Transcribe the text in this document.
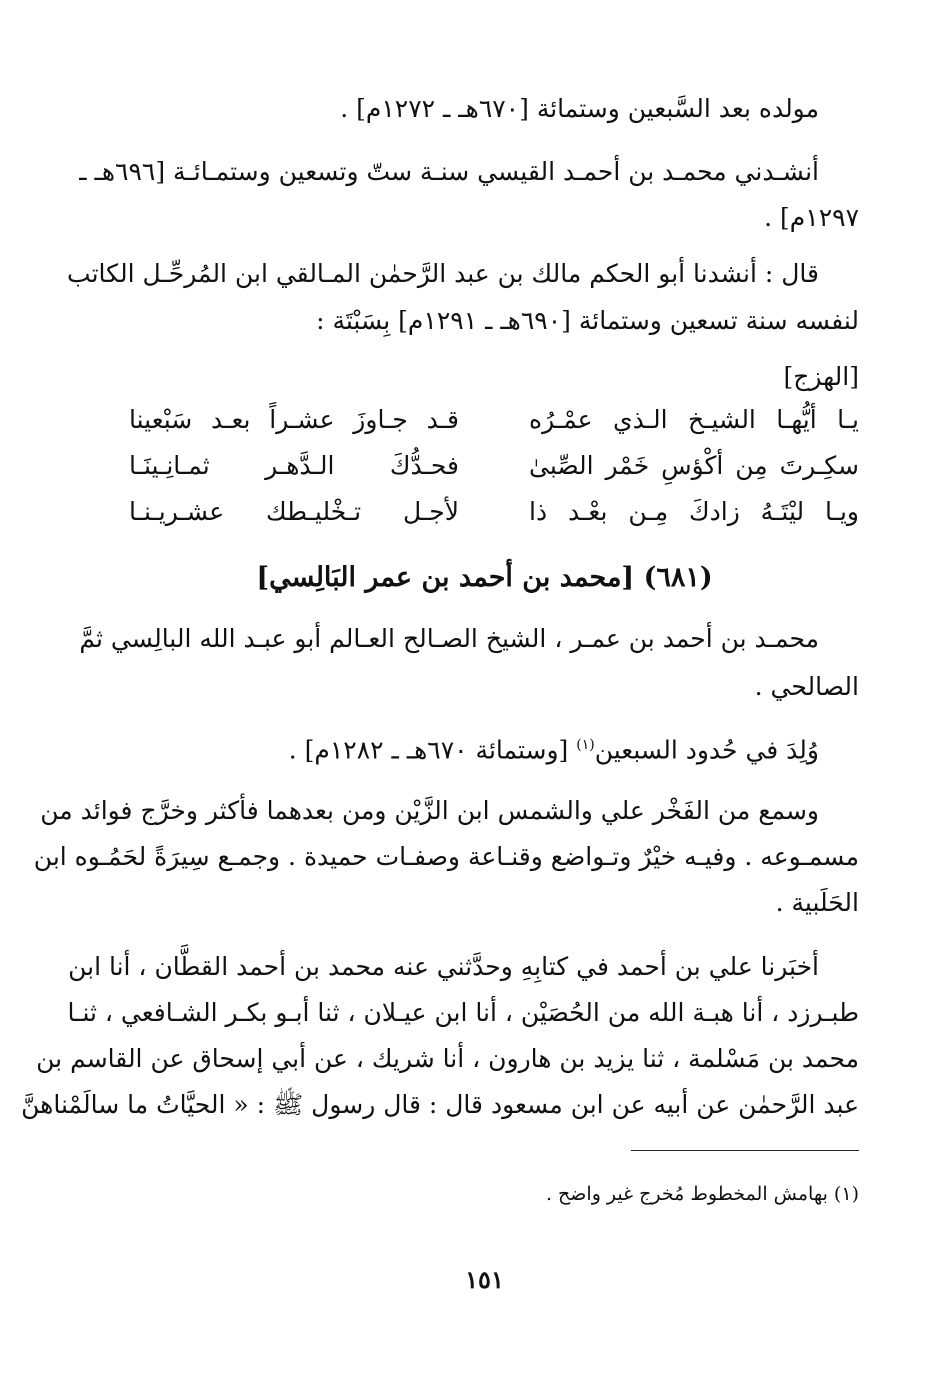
مولده بعد السَّبعين وستمائة [٦٧٠هـ ـ ١٢٧٢م] .
أنشـدني محمـد بن أحمـد القيسي سنـة ستّ وتسعين وستمـائـة [٦٩٦هـ ـ
١٢٩٧م] .
قال : أنشدنا أبو الحكم مالك بن عبد الرَّحمٰن المـالقي ابن المُرحِّـل الكاتب
لنفسه سنة تسعين وستمائة [٦٩٠هـ ـ ١٢٩١م] بِسَبْتَة :
[الهزج]
يـا أيُّهـا الشيـخ الـذي عمْـرُه
قـد جـاوزَ عشـراً بعـد سَبْعينا
سكِـرتَ مِن أكْؤسِ خَمْر الصِّبىٰ
فحـدُّكَ الـدَّهـر ثمـانِـينَـا
ويـا ليْتَـهُ زادكَ مِـن بعْـد ذا
لأجـل تـخْليـطك عشـريـنـا
(٦٨١) [محمد بن أحمد بن عمر البَالِسي]
محمـد بن أحمد بن عمـر ، الشيخ الصـالح العـالم أبو عبـد الله البالِسي ثمَّ
الصالحي .
وُلِدَ في حُدود السبعين$^{(١)}$ [وستمائة ٦٧٠هـ ـ ١٢٨٢م] .
وسمع من الفَخْر علي والشمس ابن الزَّيْن ومن بعدهما فأكثر وخرَّج فوائد من
مسمـوعه . وفيـه خيْرٌ وتـواضع وقنـاعة وصفـات حميدة . وجمـع سِيرَةً لحَمُـوه ابن
الحَلَبية .
أخبَرنا علي بن أحمد في كتابِهِ وحدَّثني عنه محمد بن أحمد القطَّان ، أنا ابن
طبـرزد ، أنا هبـة الله من الحُصَيْن ، أنا ابن عيـلان ، ثنا أبـو بكـر الشـافعي ، ثنـا
محمد بن مَسْلمة ، ثنا يزيد بن هارون ، أنا شريك ، عن أبي إسحاق عن القاسم بن
عبد الرَّحمٰن عن أبيه عن ابن مسعود قال : قال رسول ﷺ : « الحيَّاتُ ما سالَمْناهنَّ
(١) بهامش المخطوط مُخرج غير واضح .
١٥١
